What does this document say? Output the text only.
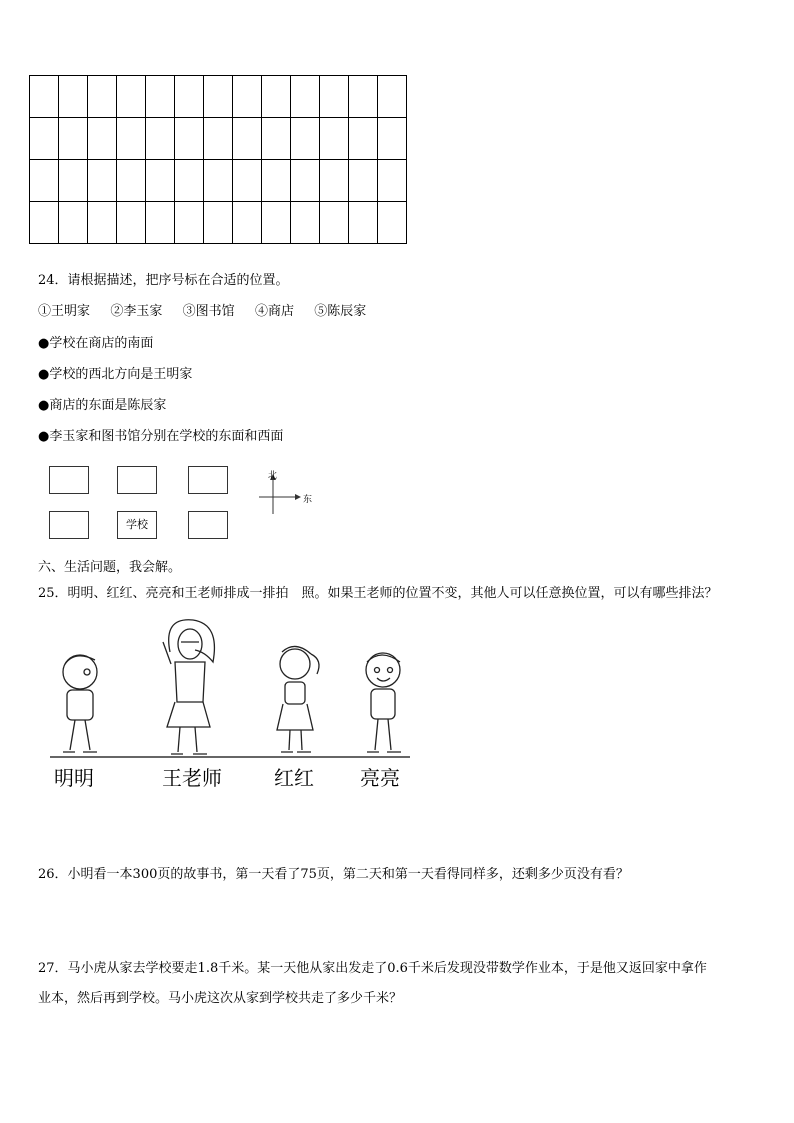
24．请根据描述，把序号标在合适的位置。
①王明家 ②李玉家 ③图书馆 ④商店 ⑤陈辰家
●学校在商店的南面
●学校的西北方向是王明家
●商店的东面是陈辰家
●李玉家和图书馆分别在学校的东面和西面
学校
北
东
六、生活问题，我会解。
25．明明、红红、亮亮和王老师排成一排拍　照。如果王老师的位置不变，其他人可以任意换位置，可以有哪些排法？
明明	王老师	红红 亮亮
26．小明看一本300页的故事书，第一天看了75页，第二天和第一天看得同样多，还剩多少页没有看？
27．马小虎从家去学校要走1.8千米。某一天他从家出发走了0.6千米后发现没带数学作业本，于是他又返回家中拿作
业本，然后再到学校。马小虎这次从家到学校共走了多少千米？
